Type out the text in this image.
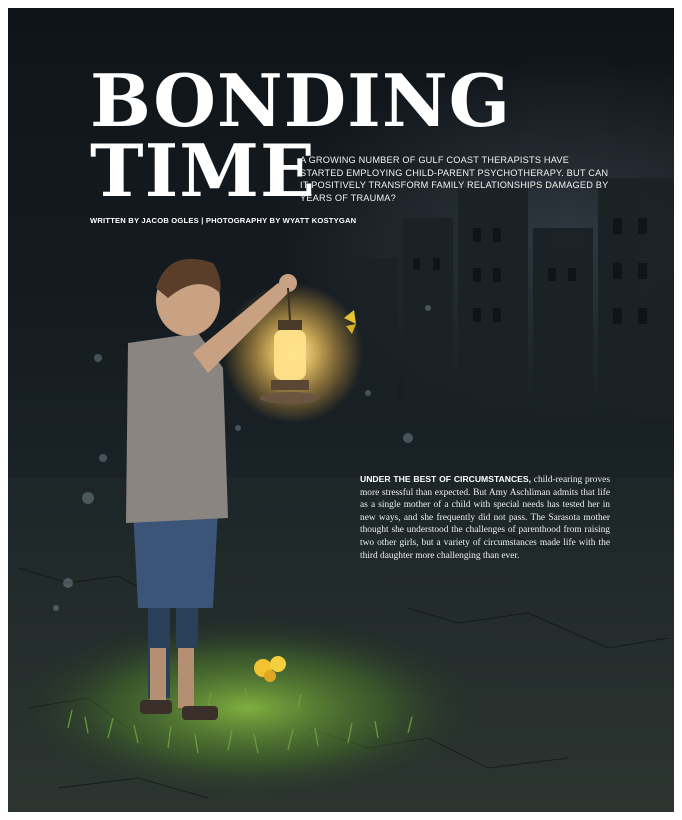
BONDING
TIME

A GROWING NUMBER OF GULF COAST THERAPISTS HAVE STARTED EMPLOYING CHILD-PARENT PSYCHOTHERAPY. BUT CAN IT POSITIVELY TRANSFORM FAMILY RELATIONSHIPS DAMAGED BY YEARS OF TRAUMA?

WRITTEN BY JACOB OGLES | PHOTOGRAPHY BY WYATT KOSTYGAN

UNDER THE BEST OF CIRCUMSTANCES, child-rearing proves more stressful than expected. But Amy Aschliman admits that life as a single mother of a child with special needs has tested her in new ways, and she frequently did not pass. The Sarasota mother thought she understood the challenges of parenthood from raising two other girls, but a variety of circumstances made life with the third daughter more challenging than ever.
